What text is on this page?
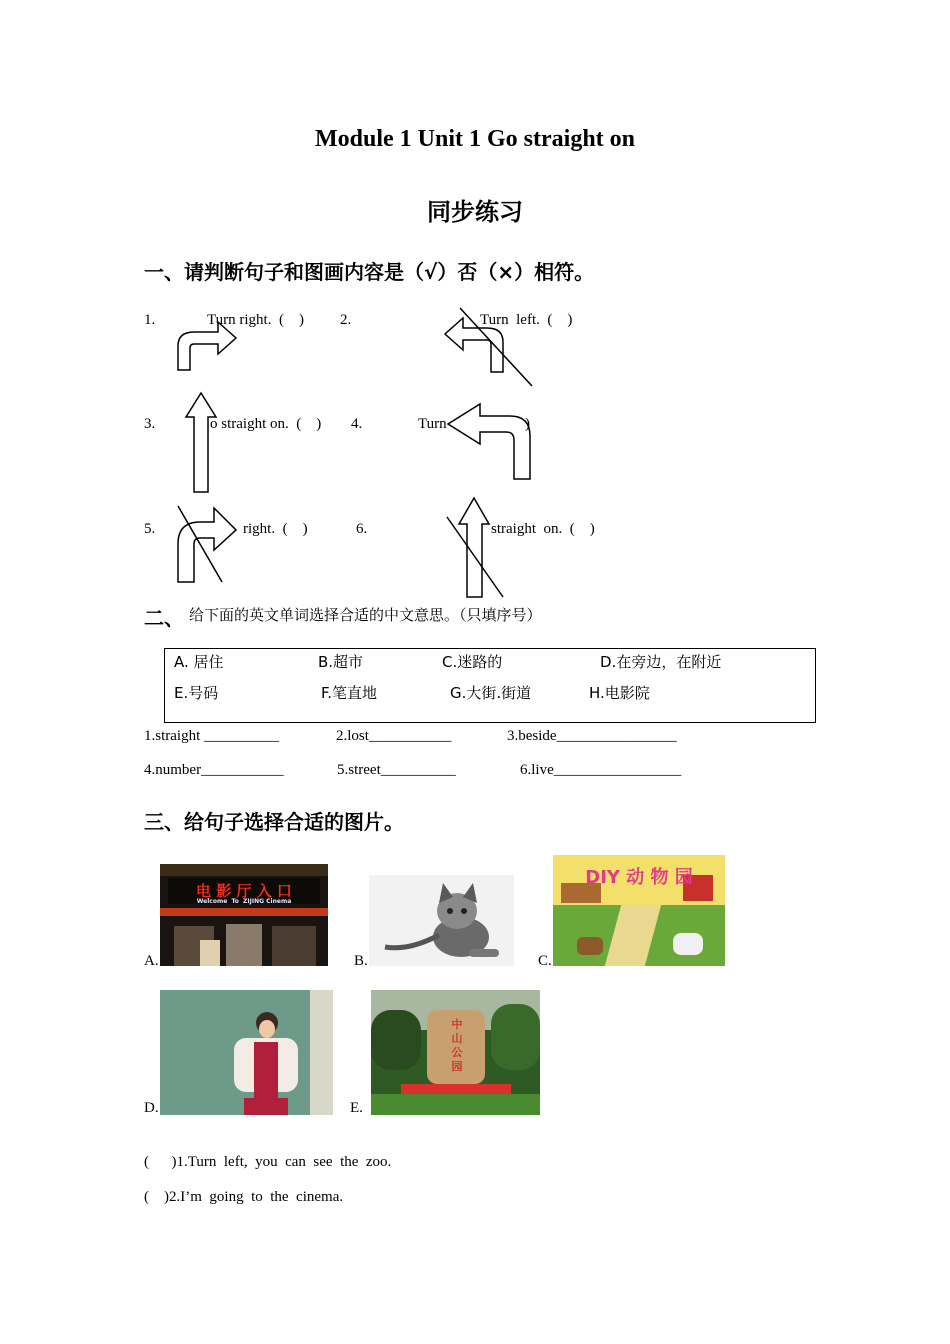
Module 1 Unit 1 Go straight on
同步练习
一、请判断句子和图画内容是（√）否（×）相符。
1.	Turn right.  (    ) 2.	Turn  left.  (    )
3.	o straight on.  (    ) 4.	Turn	)
5.	right.  (    )	6.	straight  on.  (    )
二、 给下面的英文单词选择合适的中文意思。（只填序号）
A. 居住	B.超市	C.迷路的	D.在旁边，在附近
E.号码	F.笔直地	G.大街.街道	H.电影院
1.straight __________	2.lost___________	3.beside________________
4.number___________	5.street__________	6.live_________________
三、给句子选择合适的图片。
A.	B.	C.
D.	E.
电 影 厅 入 口
Welcome  To  ZIJING Cinema
DIY 动 物 园
中 山 公 园
(      )1.Turn  left,  you  can  see  the  zoo.
(    )2.I’m  going  to  the  cinema.
